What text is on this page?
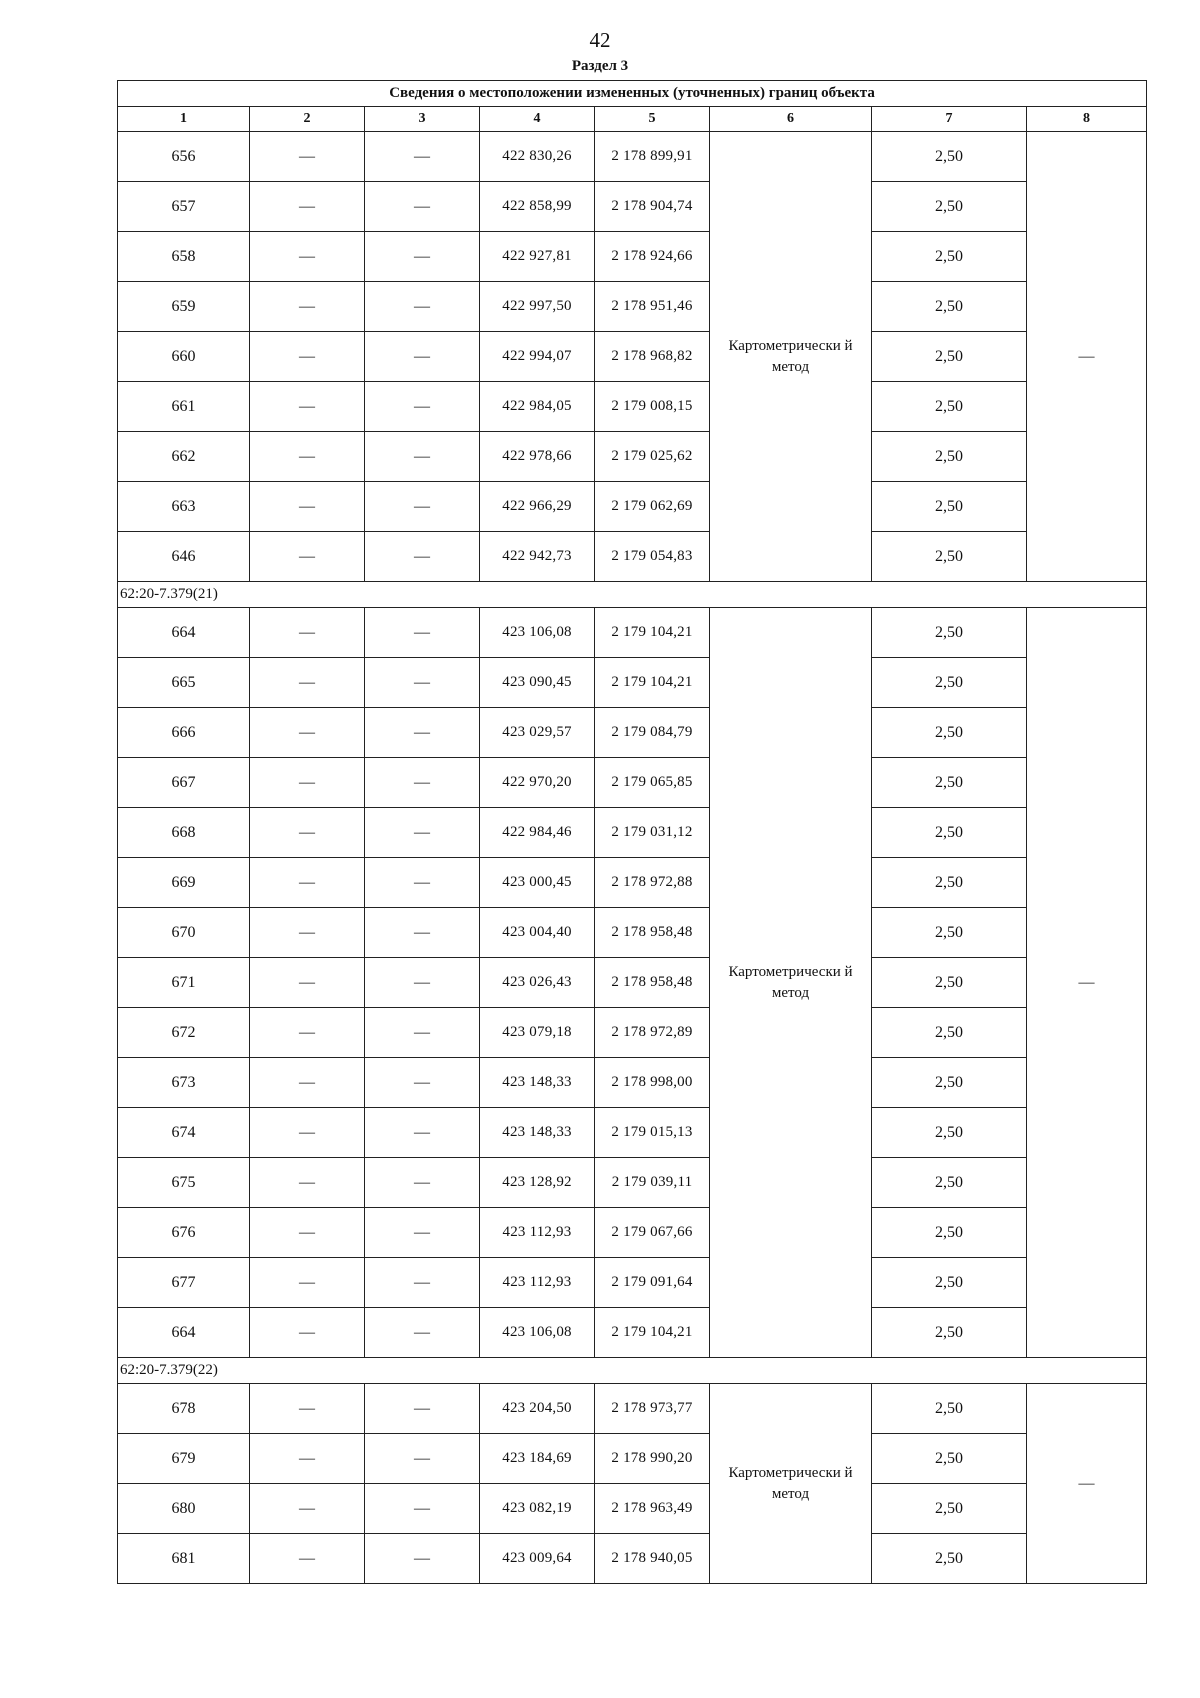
42
Раздел 3
Сведения о местоположении измененных (уточненных) границ объекта							
1	2	3	4	5	6	7	8
656	—	—	422 830,26	2 178 899,91	Картометрически й метод	2,50	—
657	—	—	422 858,99	2 178 904,74		2,50	
658	—	—	422 927,81	2 178 924,66		2,50	
659	—	—	422 997,50	2 178 951,46		2,50	
660	—	—	422 994,07	2 178 968,82		2,50	
661	—	—	422 984,05	2 179 008,15		2,50	
662	—	—	422 978,66	2 179 025,62		2,50	
663	—	—	422 966,29	2 179 062,69		2,50	
646	—	—	422 942,73	2 179 054,83		2,50	
62:20-7.379(21)							
664	—	—	423 106,08	2 179 104,21	Картометрически й метод	2,50	—
665	—	—	423 090,45	2 179 104,21		2,50	
666	—	—	423 029,57	2 179 084,79		2,50	
667	—	—	422 970,20	2 179 065,85		2,50	
668	—	—	422 984,46	2 179 031,12		2,50	
669	—	—	423 000,45	2 178 972,88		2,50	
670	—	—	423 004,40	2 178 958,48		2,50	
671	—	—	423 026,43	2 178 958,48		2,50	
672	—	—	423 079,18	2 178 972,89		2,50	
673	—	—	423 148,33	2 178 998,00		2,50	
674	—	—	423 148,33	2 179 015,13		2,50	
675	—	—	423 128,92	2 179 039,11		2,50	
676	—	—	423 112,93	2 179 067,66		2,50	
677	—	—	423 112,93	2 179 091,64		2,50	
664	—	—	423 106,08	2 179 104,21		2,50	
62:20-7.379(22)							
678	—	—	423 204,50	2 178 973,77	Картометрически й метод	2,50	—
679	—	—	423 184,69	2 178 990,20		2,50	
680	—	—	423 082,19	2 178 963,49		2,50	
681	—	—	423 009,64	2 178 940,05		2,50	
